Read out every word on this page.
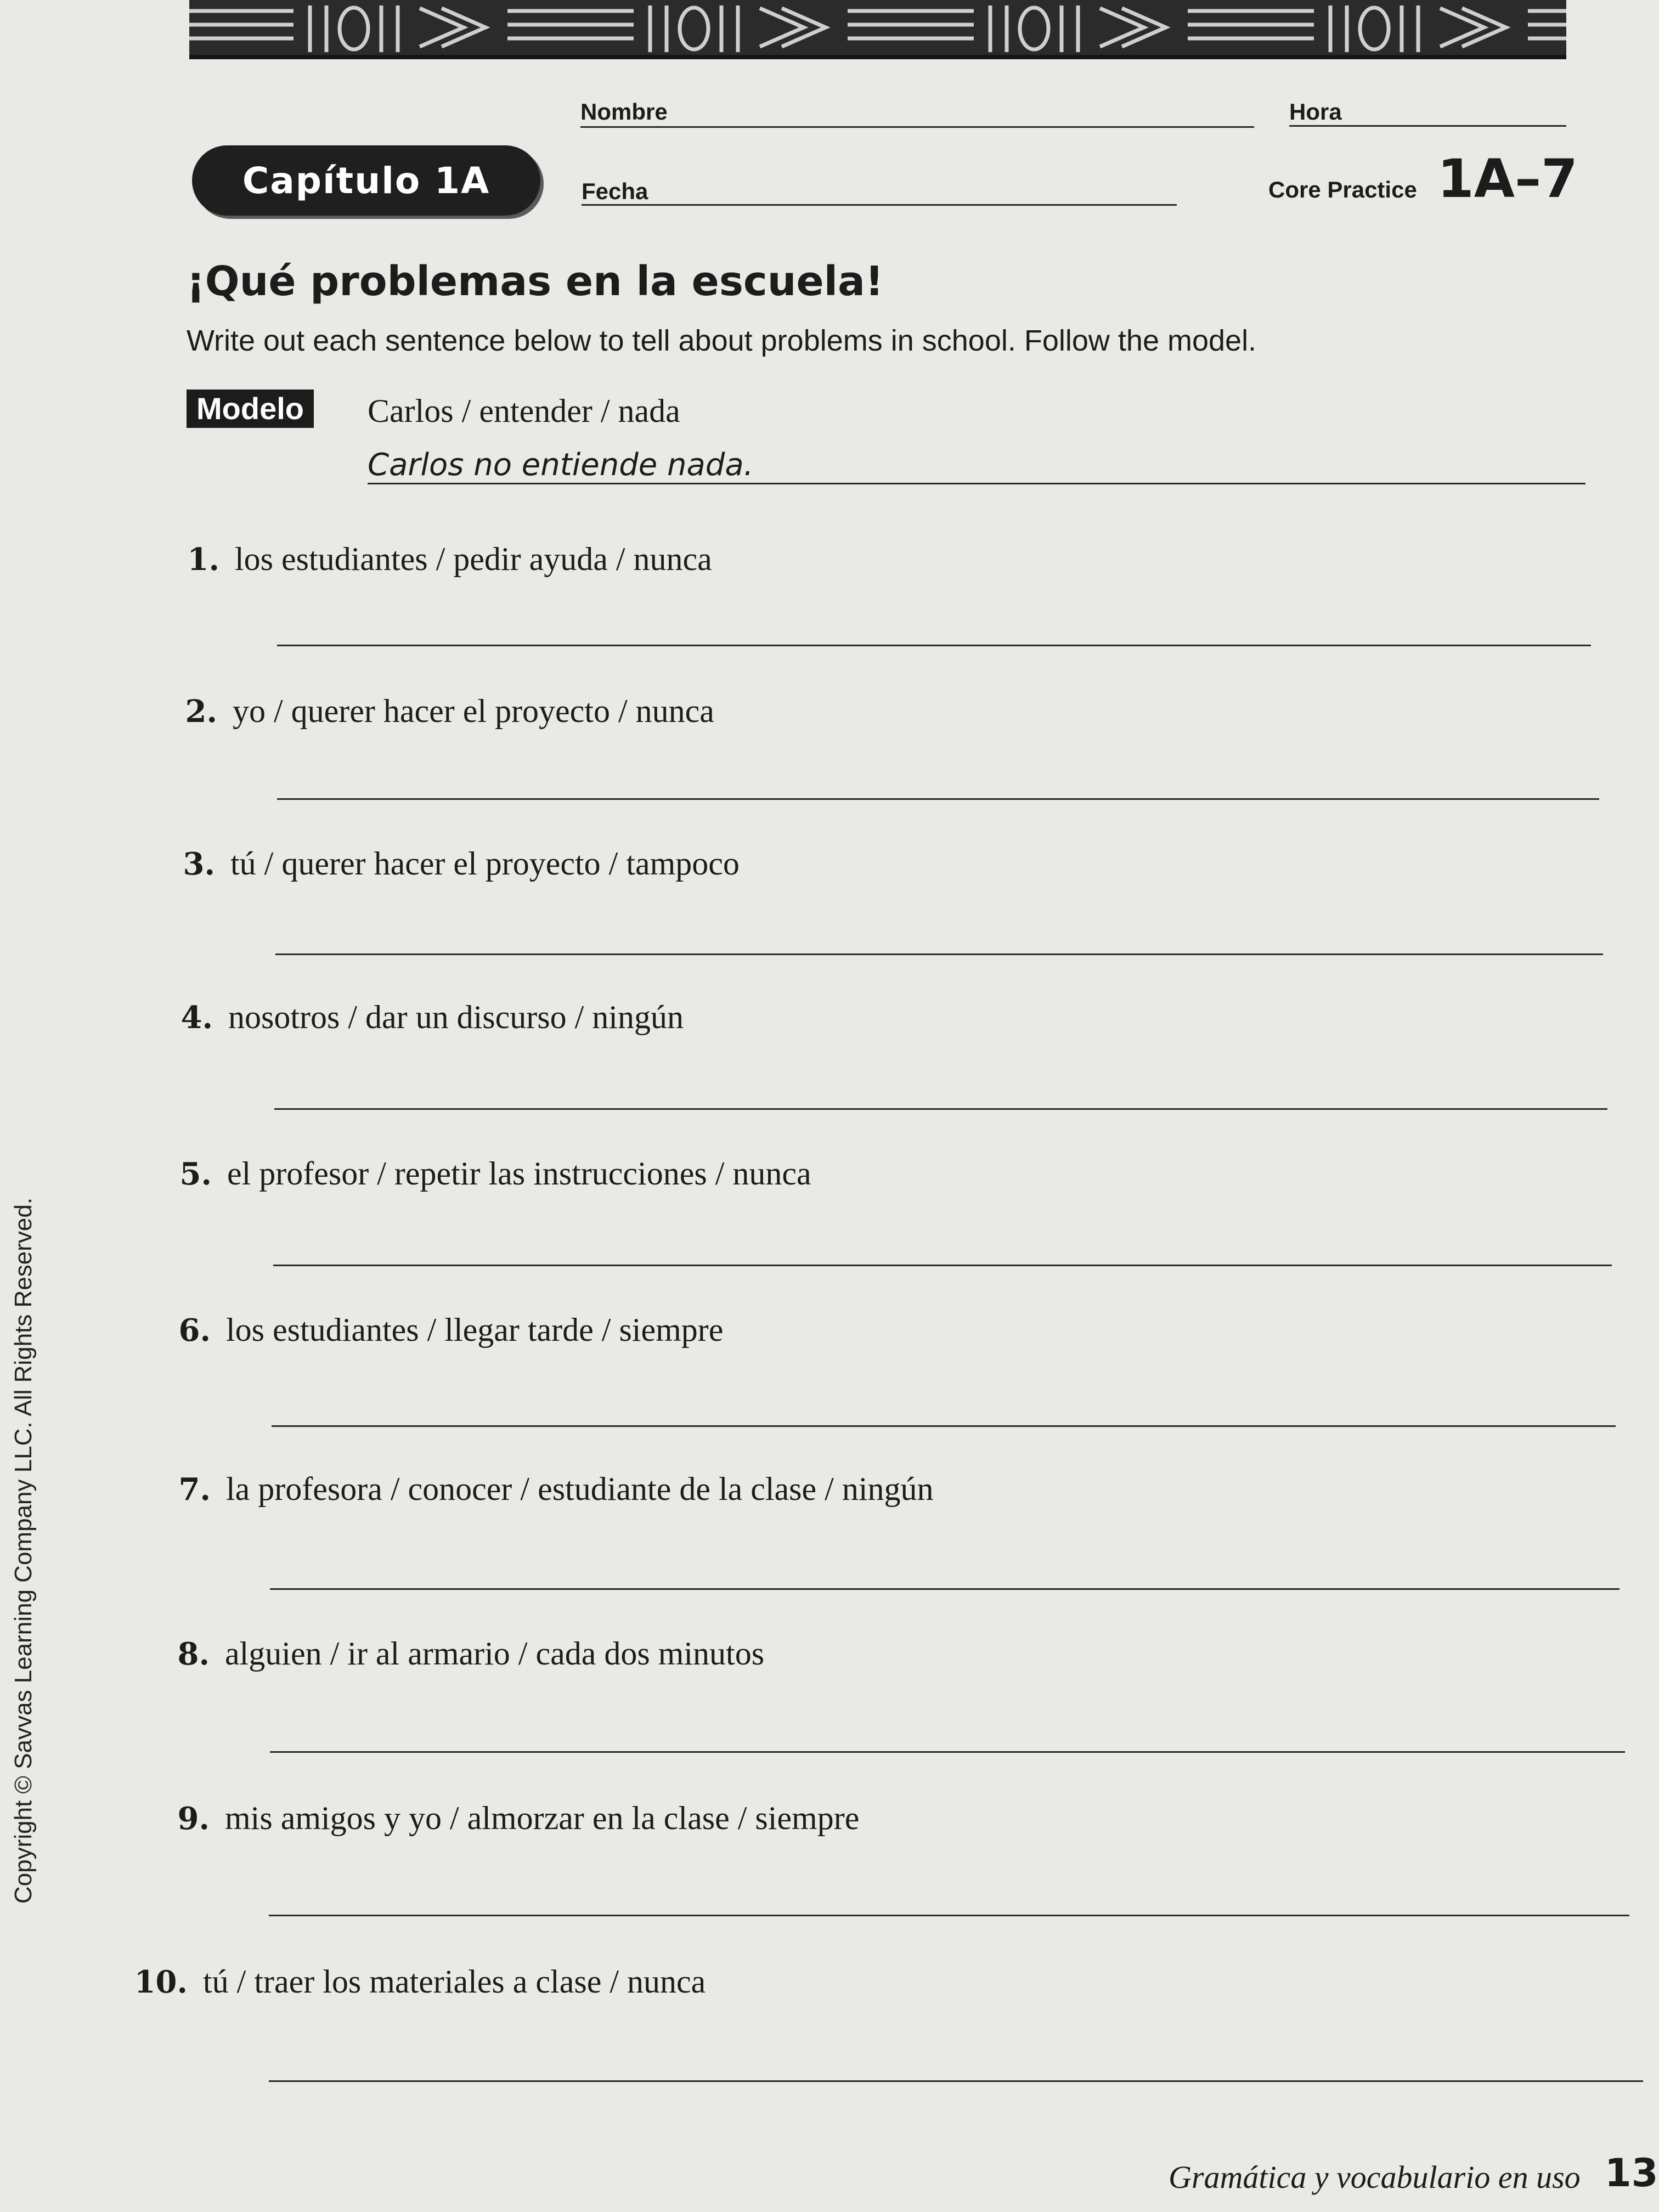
Nombre	Hora
Capítulo 1A	Fecha	Core Practice 1A–7
¡Qué problemas en la escuela!
Write out each sentence below to tell about problems in school. Follow the model.
Modelo	Carlos / entender / nada
Carlos no entiende nada.
1. los estudiantes / pedir ayuda / nunca
2. yo / querer hacer el proyecto / nunca
3. tú / querer hacer el proyecto / tampoco
4. nosotros / dar un discurso / ningún
5. el profesor / repetir las instrucciones / nunca
6. los estudiantes / llegar tarde / siempre
7. la profesora / conocer / estudiante de la clase / ningún
8. alguien / ir al armario / cada dos minutos
9. mis amigos y yo / almorzar en la clase / siempre
10. tú / traer los materiales a clase / nunca
Gramática y vocabulario en uso 13
Copyright © Savvas Learning Company LLC. All Rights Reserved.
